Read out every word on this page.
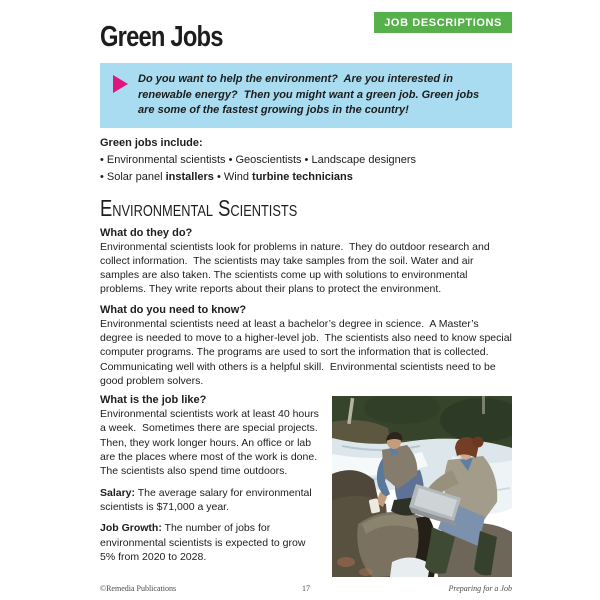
Green Jobs	JOB DESCRIPTIONS

Do you want to help the environment?  Are you interested in renewable energy?  Then you might want a green job. Green jobs are some of the fastest growing jobs in the country!

Green jobs include:
• Environmental scientists • Geoscientists • Landscape designers
• Solar panel installers • Wind turbine technicians
Environmental Scientists
What do they do?

Environmental scientists look for problems in nature.  They do outdoor research and collect information.  The scientists may take samples from the soil. Water and air samples are also taken. The scientists come up with solutions to environmental problems. They write reports about their plans to protect the environment.

What do you need to know?

Environmental scientists need at least a bachelor’s degree in science.  A Master’s degree is needed to move to a higher-level job.  The scientists also need to know special computer programs. The programs are used to sort the information that is collected. Communicating well with others is a helpful skill.  Environmental scientists need to be good problem solvers.

What is the job like?

Environmental scientists work at least 40 hours a week.  Sometimes there are special projects. Then, they work longer hours. An office or lab are the places where most of the work is done. The scientists also spend time outdoors.

Salary: The average salary for environmental scientists is $71,000 a year.

Job Growth: The number of jobs for environmental scientists is expected to grow 5% from 2020 to 2028.

©Remedia Publications	17	Preparing for a Job
